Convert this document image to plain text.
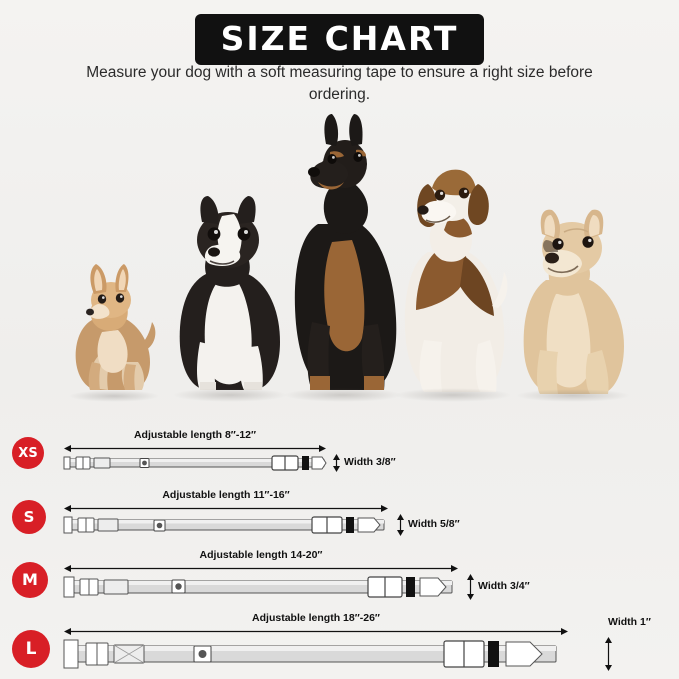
SIZE CHART
Measure your dog with a soft measuring tape to ensure a right size before ordering.
XS
Adjustable length 8″-12″
Width 3/8″
S
Adjustable length 11″-16″
Width 5/8″
M
Adjustable length 14-20″
Width 3/4″
L
Adjustable length 18″-26″	Width 1″
